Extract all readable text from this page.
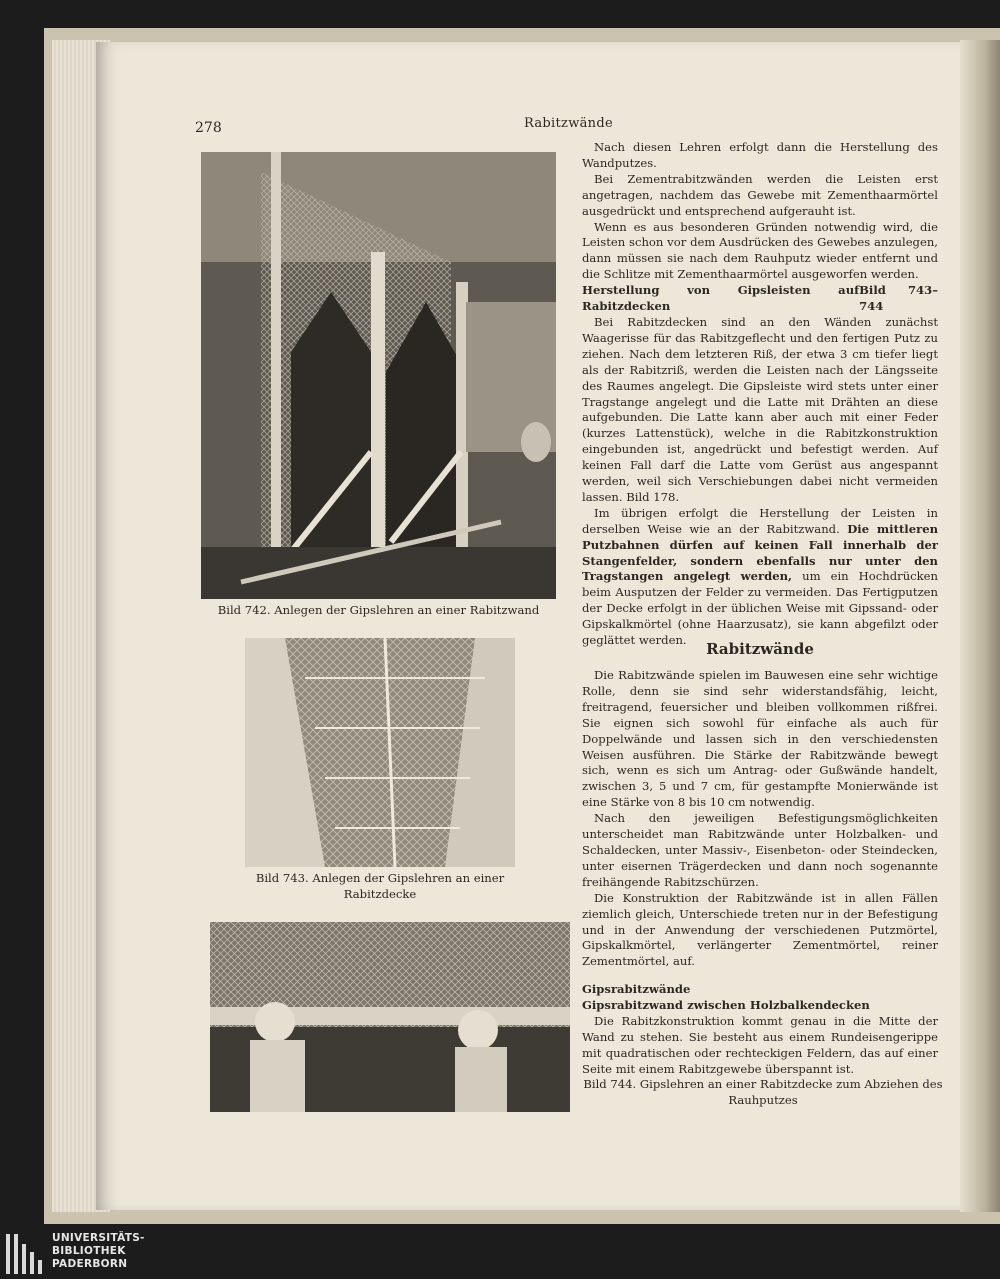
278	Rabitzwände
Bild 742. Anlegen der Gipslehren an einer Rabitzwand
Bild 743. Anlegen der Gipslehren an einer Rabitzdecke

Nach diesen Lehren erfolgt dann die Herstellung des Wandputzes.

Bei Zementrabitzwänden werden die Leisten erst angetragen, nachdem das Gewebe mit Zementhaarmörtel ausgedrückt und entsprechend aufgerauht ist.

Wenn es aus besonderen Gründen notwendig wird, die Leisten schon vor dem Ausdrücken des Gewebes anzulegen, dann müssen sie nach dem Rauhputz wieder entfernt und die Schlitze mit Zementhaarmörtel ausgeworfen werden.

Herstellung von Gipsleisten auf Rabitzdecken
Bild 743–744

Bei Rabitzdecken sind an den Wänden zunächst Waagerisse für das Rabitzgeflecht und den fertigen Putz zu ziehen. Nach dem letzteren Riß, der etwa 3 cm tiefer liegt als der Rabitzriß, werden die Leisten nach der Längsseite des Raumes angelegt. Die Gipsleiste wird stets unter einer Tragstange angelegt und die Latte mit Drähten an diese aufgebunden. Die Latte kann aber auch mit einer Feder (kurzes Lattenstück), welche in die Rabitzkonstruktion eingebunden ist, angedrückt und befestigt werden. Auf keinen Fall darf die Latte vom Gerüst aus angespannt werden, weil sich Verschiebungen dabei nicht vermeiden lassen. Bild 178.

Im übrigen erfolgt die Herstellung der Leisten in derselben Weise wie an der Rabitzwand. Die mittleren Putzbahnen dürfen auf keinen Fall innerhalb der Stangenfelder, sondern ebenfalls nur unter den Tragstangen angelegt werden, um ein Hochdrücken beim Ausputzen der Felder zu vermeiden. Das Fertigputzen der Decke erfolgt in der üblichen Weise mit Gipssand- oder Gipskalkmörtel (ohne Haarzusatz), sie kann abgefilzt oder geglättet werden.	Rabitzwände

Die Rabitzwände spielen im Bauwesen eine sehr wichtige Rolle, denn sie sind sehr widerstandsfähig, leicht, freitragend, feuersicher und bleiben vollkommen rißfrei. Sie eignen sich sowohl für einfache als auch für Doppelwände und lassen sich in den verschiedensten Weisen ausführen. Die Stärke der Rabitzwände bewegt sich, wenn es sich um Antrag- oder Gußwände handelt, zwischen 3, 5 und 7 cm, für gestampfte Monierwände ist eine Stärke von 8 bis 10 cm notwendig.

Nach den jeweiligen Befestigungsmöglichkeiten unterscheidet man Rabitzwände unter Holzbalken- und Schaldecken, unter Massiv-, Eisenbeton- oder Steindecken, unter eisernen Trägerdecken und dann noch sogenannte freihängende Rabitzschürzen.

Die Konstruktion der Rabitzwände ist in allen Fällen ziemlich gleich, Unterschiede treten nur in der Befestigung und in der Anwendung der verschiedenen Putzmörtel, Gipskalkmörtel, verlängerter Zementmörtel, reiner Zementmörtel, auf.

Gipsrabitzwände

Gipsrabitzwand zwischen Holzbalkendecken

Die Rabitzkonstruktion kommt genau in die Mitte der Wand zu stehen. Sie besteht aus einem Rundeisengerippe mit quadratischen oder rechteckigen Feldern, das auf einer Seite mit einem Rabitzgewebe überspannt ist.

Bild 744. Gipslehren an einer Rabitzdecke zum Abziehen des Rauhputzes
UNIVERSITÄTS-
BIBLIOTHEK
PADERBORN
